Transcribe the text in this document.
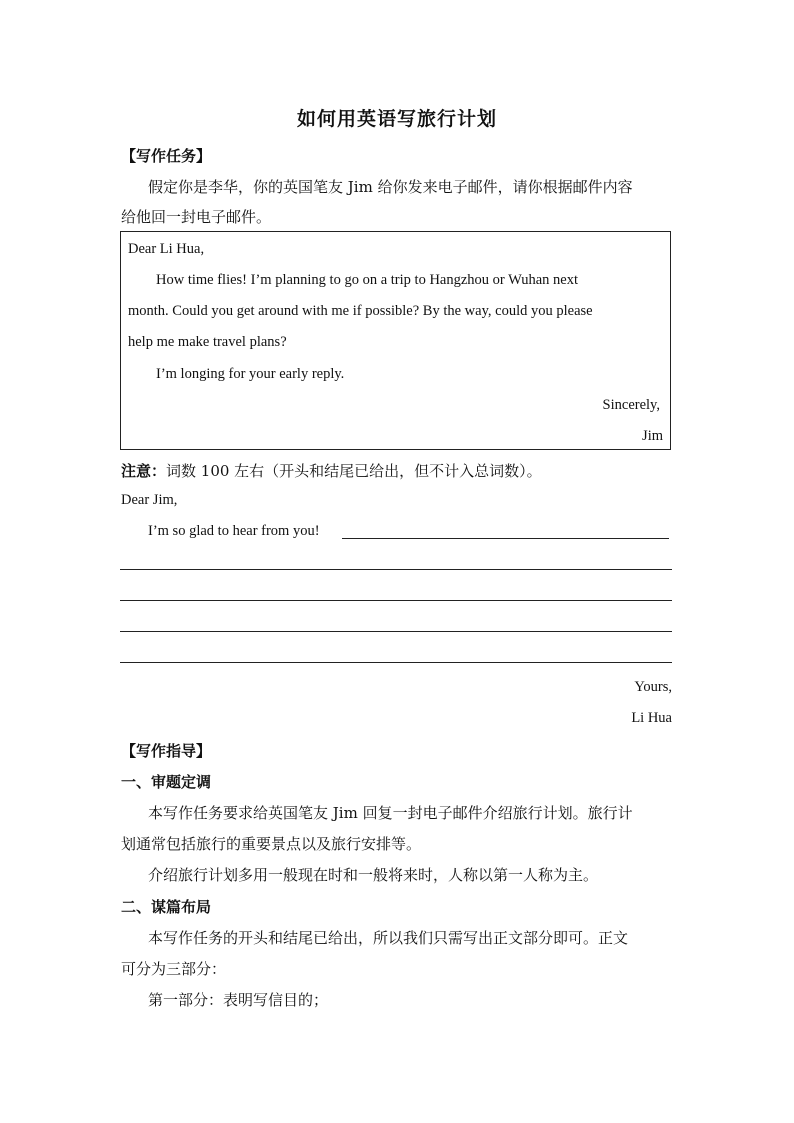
如何用英语写旅行计划
【写作任务】
假定你是李华，你的英国笔友 Jim 给你发来电子邮件，请你根据邮件内容
给他回一封电子邮件。
Dear Li Hua,
How time flies! I’m planning to go on a trip to Hangzhou or Wuhan next
month. Could you get around with me if possible? By the way, could you please
help me make travel plans?
I’m longing for your early reply.
Sincerely,
Jim
注意：词数 100 左右（开头和结尾已给出，但不计入总词数）。
Dear Jim,
I’m so glad to hear from you!
Yours,
Li Hua
【写作指导】
一、审题定调
本写作任务要求给英国笔友 Jim 回复一封电子邮件介绍旅行计划。旅行计
划通常包括旅行的重要景点以及旅行安排等。
介绍旅行计划多用一般现在时和一般将来时，人称以第一人称为主。
二、谋篇布局
本写作任务的开头和结尾已给出，所以我们只需写出正文部分即可。正文
可分为三部分：
第一部分：表明写信目的；
